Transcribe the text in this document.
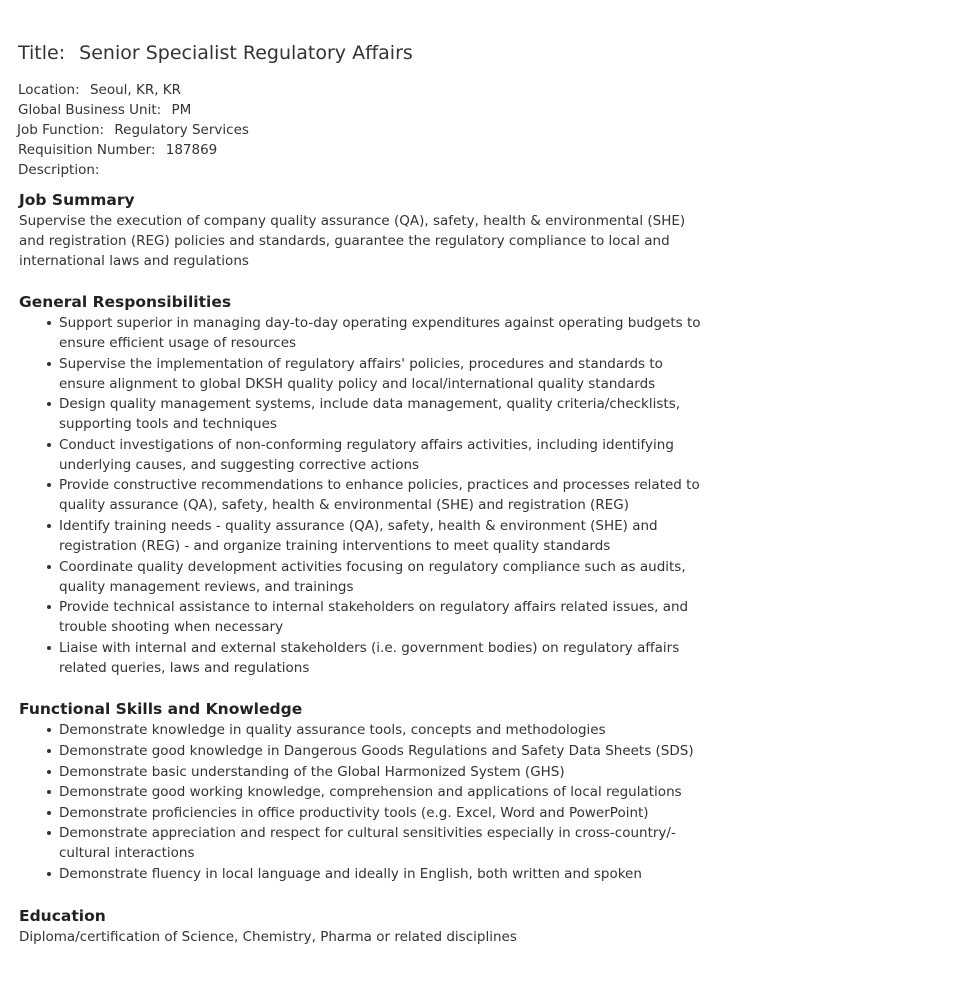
Title: Senior Specialist Regulatory Affairs
Location: Seoul, KR, KR
Global Business Unit: PM
Job Function: Regulatory Services
Requisition Number: 187869
Description:
Job Summary

Supervise the execution of company quality assurance (QA), safety, health & environmental (SHE) and registration (REG) policies and standards, guarantee the regulatory compliance to local and international laws and regulations

General Responsibilities
Support superior in managing day-to-day operating expenditures against operating budgets to ensure efficient usage of resources
Supervise the implementation of regulatory affairs' policies, procedures and standards to ensure alignment to global DKSH quality policy and local/international quality standards
Design quality management systems, include data management, quality criteria/checklists, supporting tools and techniques
Conduct investigations of non-conforming regulatory affairs activities, including identifying underlying causes, and suggesting corrective actions
Provide constructive recommendations to enhance policies, practices and processes related to quality assurance (QA), safety, health & environmental (SHE) and registration (REG)
Identify training needs - quality assurance (QA), safety, health & environment (SHE) and registration (REG) - and organize training interventions to meet quality standards
Coordinate quality development activities focusing on regulatory compliance such as audits, quality management reviews, and trainings
Provide technical assistance to internal stakeholders on regulatory affairs related issues, and trouble shooting when necessary
Liaise with internal and external stakeholders (i.e. government bodies) on regulatory affairs related queries, laws and regulations
Functional Skills and Knowledge
Demonstrate knowledge in quality assurance tools, concepts and methodologies
Demonstrate good knowledge in Dangerous Goods Regulations and Safety Data Sheets (SDS)
Demonstrate basic understanding of the Global Harmonized System (GHS)
Demonstrate good working knowledge, comprehension and applications of local regulations
Demonstrate proficiencies in office productivity tools (e.g. Excel, Word and PowerPoint)
Demonstrate appreciation and respect for cultural sensitivities especially in cross-country/-cultural interactions
Demonstrate fluency in local language and ideally in English, both written and spoken
Education

Diploma/certification of Science, Chemistry, Pharma or related disciplines
